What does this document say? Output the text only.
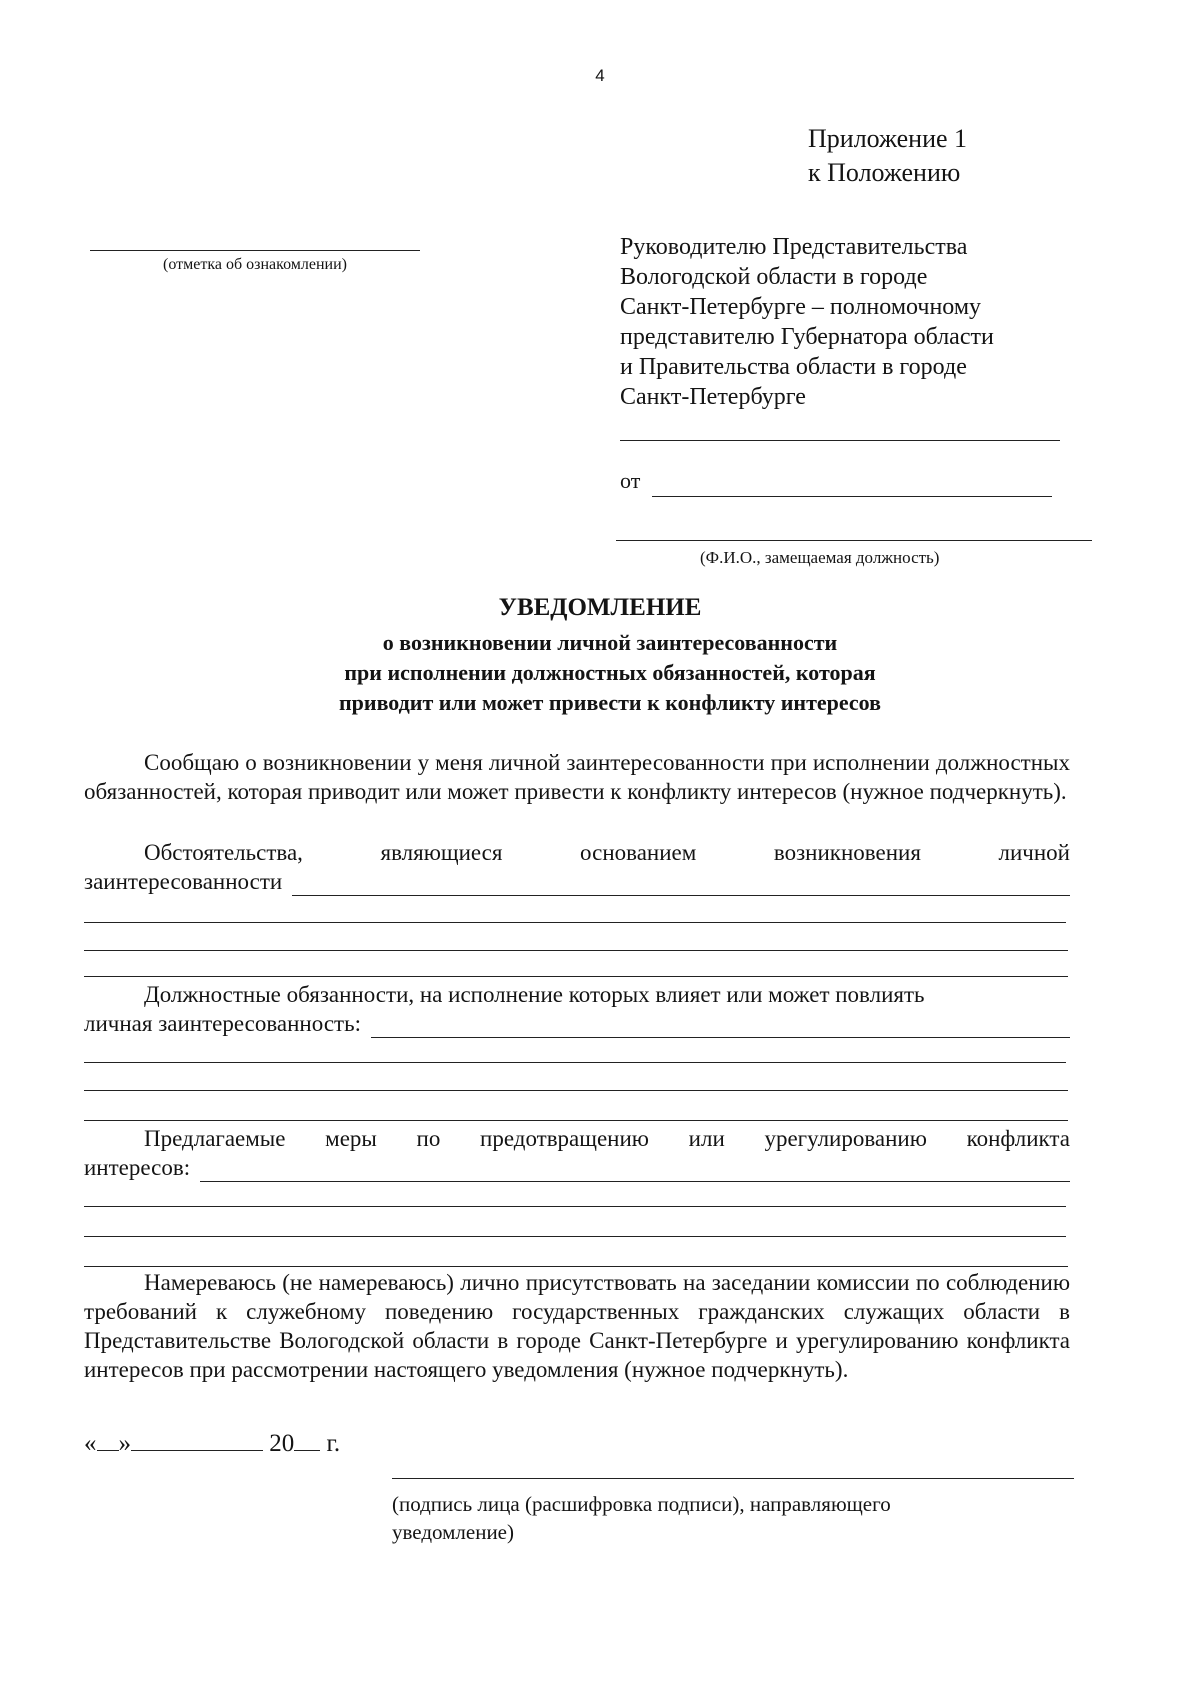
4
Приложение 1
к Положению
(отметка об ознакомлении)
Руководителю Представительства
Вологодской области в городе
Санкт-Петербурге – полномочному
представителю Губернатора области
и Правительства области в городе
Санкт-Петербурге
от
(Ф.И.О., замещаемая должность)
УВЕДОМЛЕНИЕ
о возникновении личной заинтересованности
при исполнении должностных обязанностей, которая
приводит или может привести к конфликту интересов
Сообщаю о возникновении у меня личной заинтересованности при исполнении должностных обязанностей, которая приводит или может привести к конфликту интересов (нужное подчеркнуть).
Обстоятельства,	являющиеся	основанием	возникновения	личной
заинтересованности
Должностные обязанности, на исполнение которых влияет или может повлиять
личная заинтересованность:
Предлагаемые меры по предотвращению или урегулированию конфликта
интересов:
Намереваюсь (не намереваюсь) лично присутствовать на заседании комиссии по соблюдению требований к служебному поведению государственных гражданских служащих области в Представительстве Вологодской области в городе Санкт-Петербурге и урегулированию конфликта интересов при рассмотрении настоящего уведомления (нужное подчеркнуть).
« »	20 г.
(подпись лица (расшифровка подписи), направляющего
уведомление)
